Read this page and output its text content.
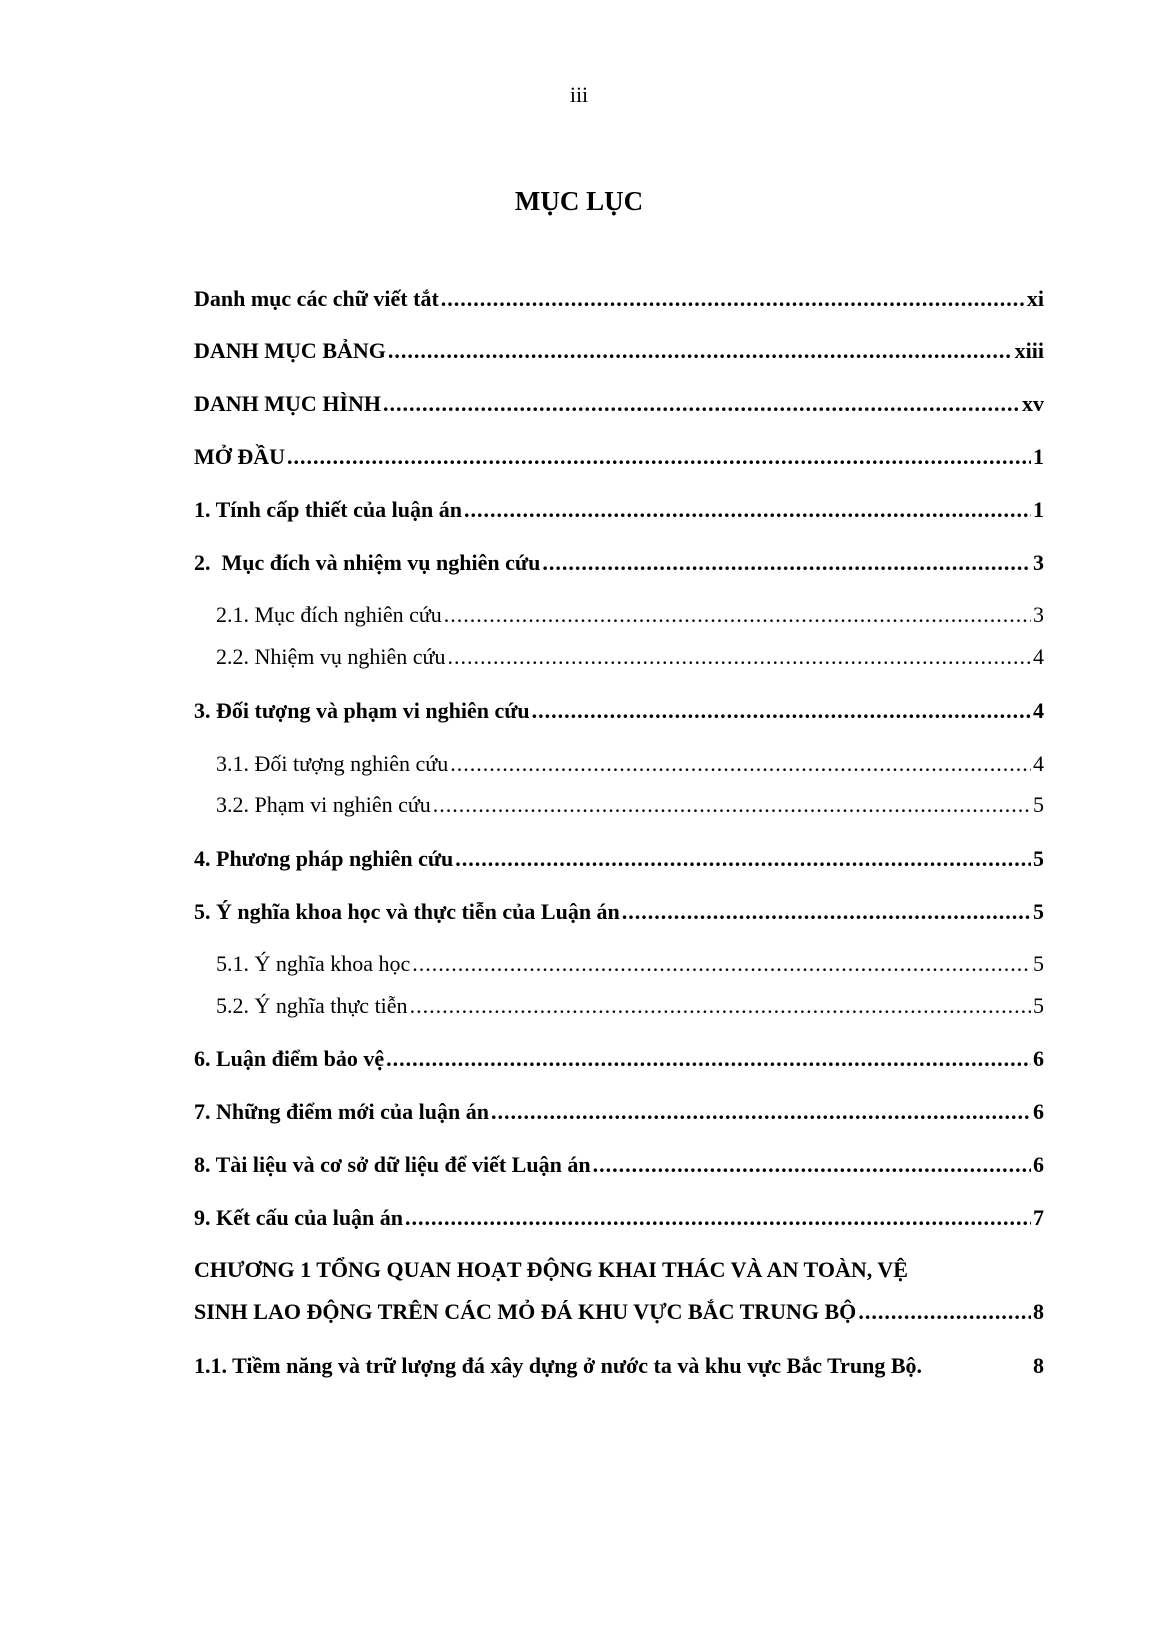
iii
MỤC LỤC
Danh mục các chữ viết tắt .....	xi
DANH MỤC BẢNG .....	xiii
DANH MỤC HÌNH .....	xv
MỞ ĐẦU .....	1
1. Tính cấp thiết của luận án .....	1
2.  Mục đích và nhiệm vụ nghiên cứu .....	3
2.1. Mục đích nghiên cứu .....	3
2.2. Nhiệm vụ nghiên cứu .....	4
3. Đối tượng và phạm vi nghiên cứu .....	4
3.1. Đối tượng nghiên cứu .....	4
3.2. Phạm vi nghiên cứu .....	5
4. Phương pháp nghiên cứu .....	5
5. Ý nghĩa khoa học và thực tiễn của Luận án .....	5
5.1. Ý nghĩa khoa học .....	5
5.2. Ý nghĩa thực tiễn .....	5
6. Luận điểm bảo vệ .....	6
7. Những điểm mới của luận án .....	6
8. Tài liệu và cơ sở dữ liệu để viết Luận án .....	6
9. Kết cấu của luận án .....	7
CHƯƠNG 1 TỔNG QUAN HOẠT ĐỘNG KHAI THÁC VÀ AN TOÀN, VỆ
SINH LAO ĐỘNG TRÊN CÁC MỎ ĐÁ KHU VỰC BẮC TRUNG BỘ .....	8
1.1. Tiềm năng và trữ lượng đá xây dựng ở nước ta và khu vực Bắc Trung Bộ.	8
